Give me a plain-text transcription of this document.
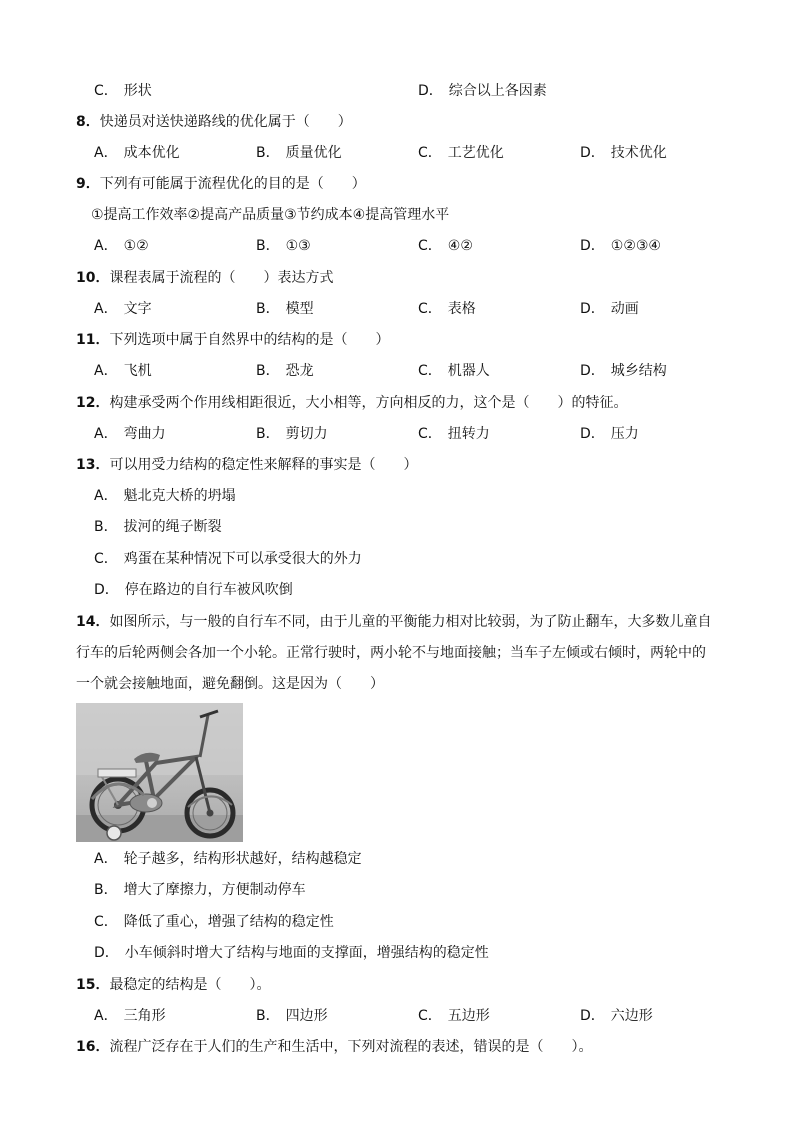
C． 形状	D． 综合以上各因素
8．快递员对送快递路线的优化属于（　　）
A． 成本优化	B． 质量优化	C． 工艺优化	D． 技术优化
9．下列有可能属于流程优化的目的是（　　）
①提高工作效率②提高产品质量③节约成本④提高管理水平
A． ①②	B． ①③	C． ④②	D． ①②③④
10．课程表属于流程的（　　）表达方式
A． 文字	B． 模型	C． 表格	D． 动画
11．下列选项中属于自然界中的结构的是（　　）
A． 飞机	B． 恐龙	C． 机器人	D． 城乡结构
12．构建承受两个作用线相距很近，大小相等，方向相反的力，这个是（　　）的特征。
A． 弯曲力	B． 剪切力	C． 扭转力	D． 压力
13．可以用受力结构的稳定性来解释的事实是（　　）
A． 魁北克大桥的坍塌
B． 拔河的绳子断裂
C． 鸡蛋在某种情况下可以承受很大的外力
D． 停在路边的自行车被风吹倒
14．如图所示，与一般的自行车不同，由于儿童的平衡能力相对比较弱，为了防止翻车，大多数儿童自
行车的后轮两侧会各加一个小轮。正常行驶时，两小轮不与地面接触；当车子左倾或右倾时，两轮中的
一个就会接触地面，避免翻倒。这是因为（　　）
A． 轮子越多，结构形状越好，结构越稳定
B． 增大了摩擦力，方便制动停车
C． 降低了重心，增强了结构的稳定性
D． 小车倾斜时增大了结构与地面的支撑面，增强结构的稳定性
15．最稳定的结构是（　　）。
A． 三角形	B． 四边形	C． 五边形	D． 六边形
16．流程广泛存在于人们的生产和生活中，下列对流程的表述，错误的是（　　）。
